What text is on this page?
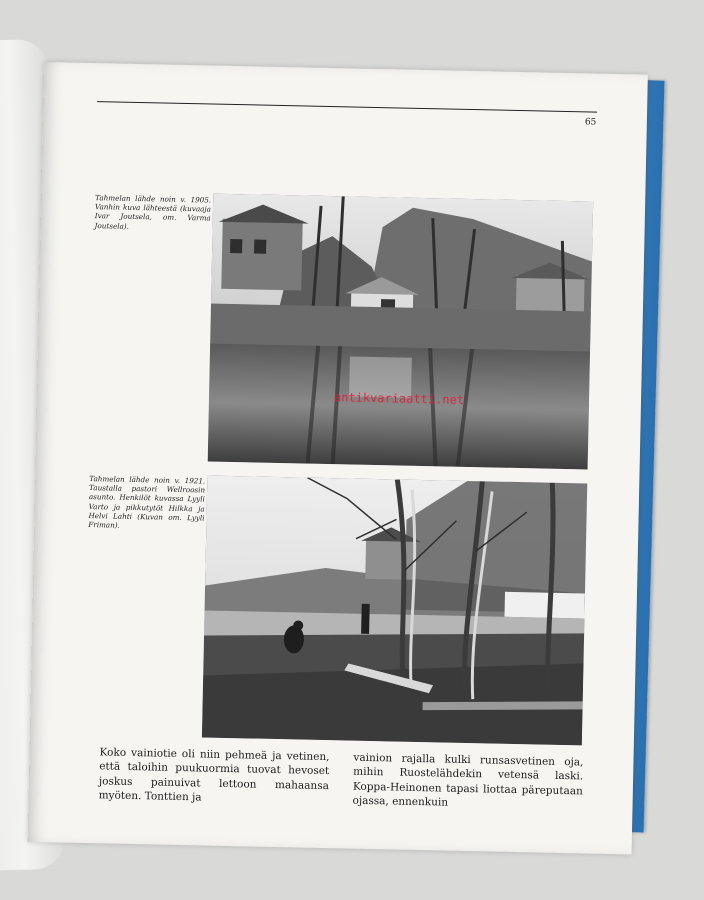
65
Tahmelan lähde noin v. 1905. Vanhin kuva lähteestä (kuvaaja Ivar Joutsela, om. Varma Joutsela).
Tahmelan lähde noin v. 1921. Taustalla pastori Wellroosin asunto. Henkilöt kuvassa Lyyli Varto ja pikkutytöt Hilkka ja Helvi Lahti (Kuvan om. Lyyli Friman).
antikvariaatti.net
Koko vainiotie oli niin pehmeä ja vetinen, että taloihin puukuormia tuovat hevoset joskus painuivat lettoon mahaansa myöten. Tonttien ja
vainion rajalla kulki runsasvetinen oja, mihin Ruostelähdekin vetensä laski. Koppa-Heinonen tapasi liottaa päreputaan ojassa, ennenkuin
